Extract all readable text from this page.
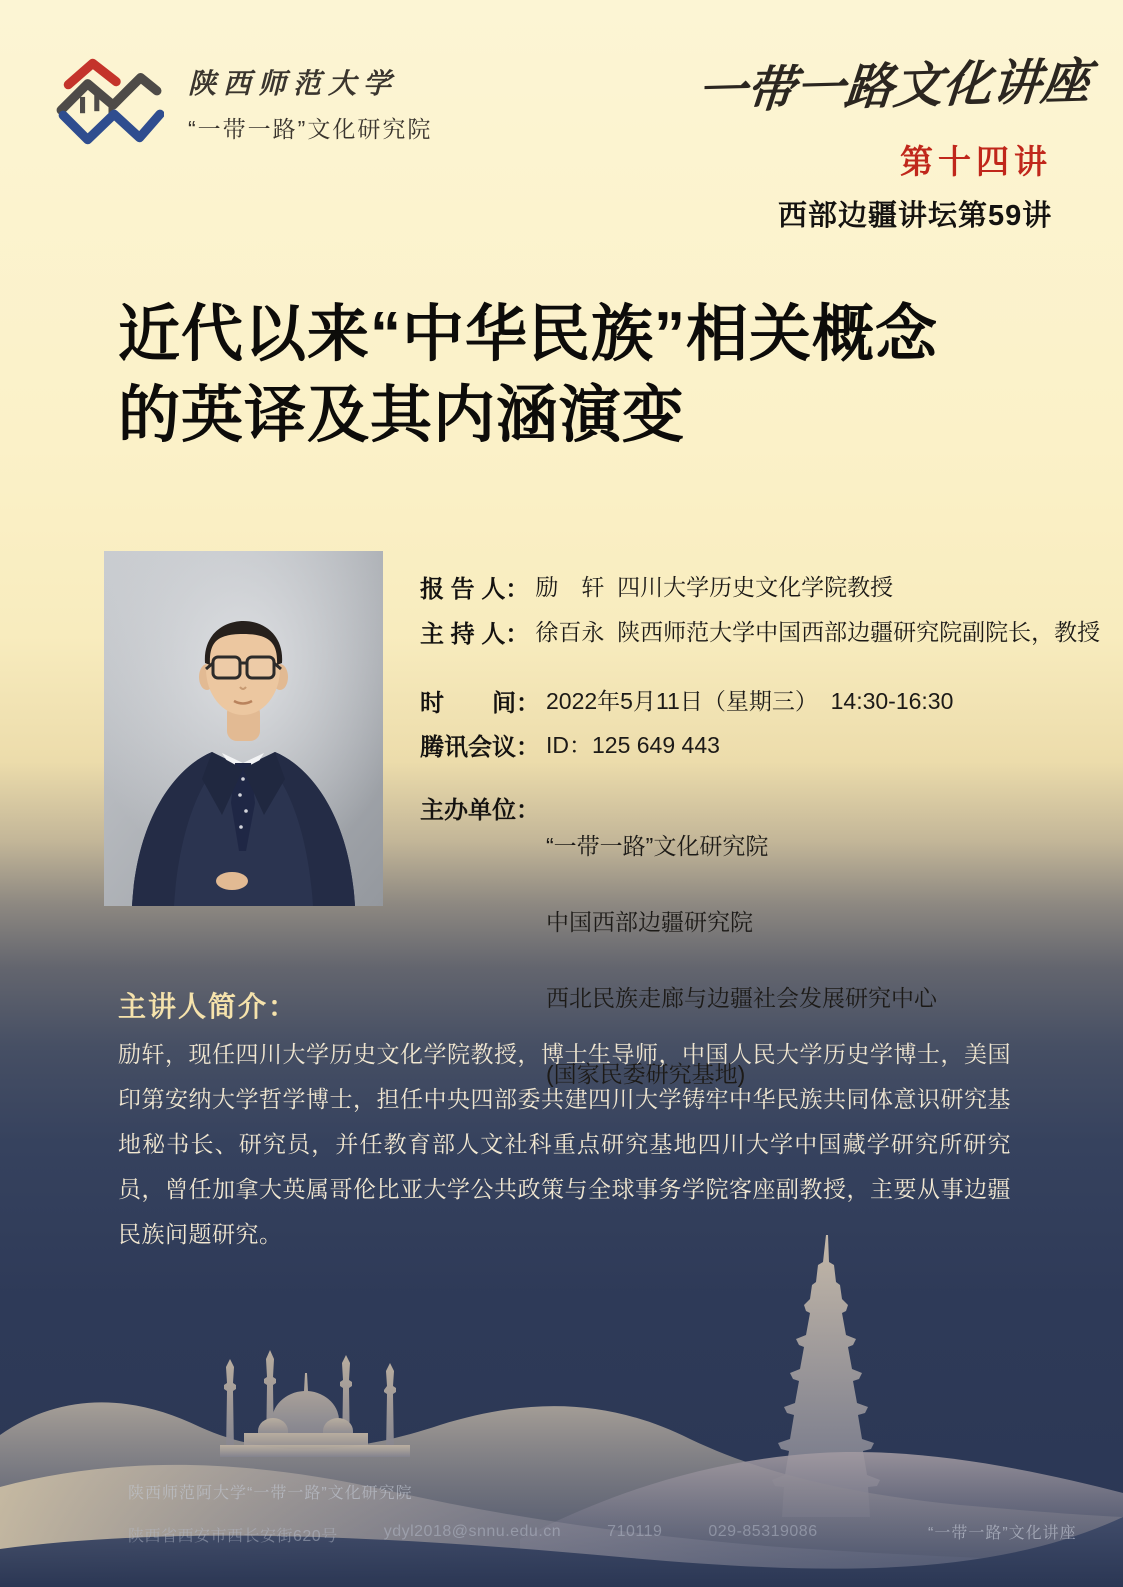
陕西师范大学
“一带一路”文化研究院
一带一路文化讲座
第十四讲
西部边疆讲坛第59讲
近代以来“中华民族”相关概念
的英译及其内涵演变
报 告 人： 励　轩  四川大学历史文化学院教授
主 持 人： 徐百永  陕西师范大学中国西部边疆研究院副院长，教授
时　　间： 2022年5月11日（星期三）  14:30-16:30
腾讯会议： ID：125 649 443
主办单位：

“一带一路”文化研究院

中国西部边疆研究院

西北民族走廊与边疆社会发展研究中心

(国家民委研究基地)

主讲人简介：
励轩，现任四川大学历史文化学院教授，博士生导师，中国人民大学历史学博士，美国印第安纳大学哲学博士，担任中央四部委共建四川大学铸牢中华民族共同体意识研究基地秘书长、研究员，并任教育部人文社科重点研究基地四川大学中国藏学研究所研究员，曾任加拿大英属哥伦比亚大学公共政策与全球事务学院客座副教授，主要从事边疆民族问题研究。
陕西师范阿大学“一带一路”文化研究院
陕西省西安市西长安街620号	ydyl2018@snnu.edu.cn	710119	029-85319086	“一带一路”文化讲座
